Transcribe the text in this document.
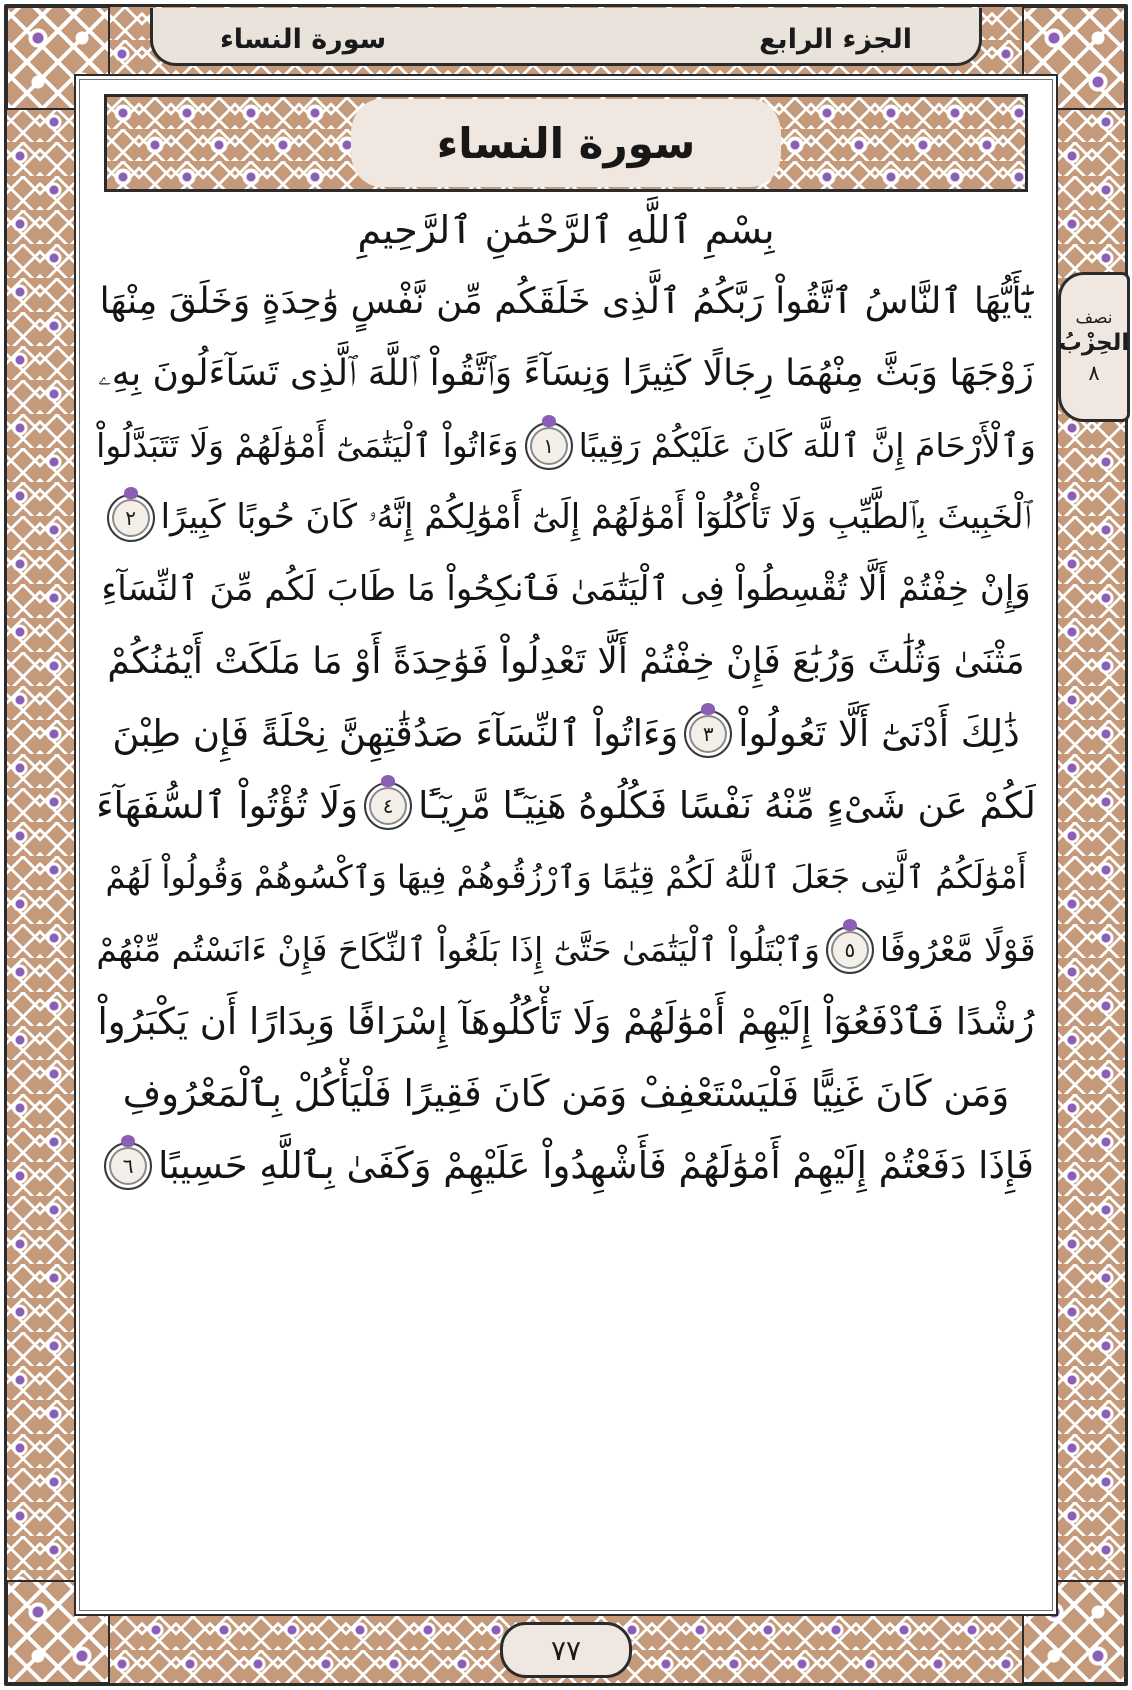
سورة النساء	الجزء الرابع
سورة النساء
نصف
الحِزْبُ
٨
بِسْمِ ٱللَّهِ ٱلرَّحْمَٰنِ ٱلرَّحِيمِ
يَٰٓأَيُّهَا ٱلنَّاسُ ٱتَّقُواْ رَبَّكُمُ ٱلَّذِى خَلَقَكُم مِّن نَّفْسٍ وَٰحِدَةٍ وَخَلَقَ مِنْهَا
زَوْجَهَا وَبَثَّ مِنْهُمَا رِجَالًا كَثِيرًا وَنِسَآءً وَٱتَّقُواْ ٱللَّهَ ٱلَّذِى تَسَآءَلُونَ بِهِۦ
وَٱلْأَرْحَامَ إِنَّ ٱللَّهَ كَانَ عَلَيْكُمْ رَقِيبًا
١
وَءَاتُواْ ٱلْيَتَٰمَىٰٓ أَمْوَٰلَهُمْ وَلَا تَتَبَدَّلُواْ
ٱلْخَبِيثَ بِٱلطَّيِّبِ وَلَا تَأْكُلُوٓاْ أَمْوَٰلَهُمْ إِلَىٰٓ أَمْوَٰلِكُمْ إِنَّهُۥ كَانَ حُوبًا كَبِيرًا
٢
وَإِنْ خِفْتُمْ أَلَّا تُقْسِطُواْ فِى ٱلْيَتَٰمَىٰ فَٱنكِحُواْ مَا طَابَ لَكُم مِّنَ ٱلنِّسَآءِ
مَثْنَىٰ وَثُلَٰثَ وَرُبَٰعَ فَإِنْ خِفْتُمْ أَلَّا تَعْدِلُواْ فَوَٰحِدَةً أَوْ مَا مَلَكَتْ أَيْمَٰنُكُمْ
ذَٰلِكَ أَدْنَىٰٓ أَلَّا تَعُولُواْ
٣
وَءَاتُواْ ٱلنِّسَآءَ صَدُقَٰتِهِنَّ نِحْلَةً فَإِن طِبْنَ
لَكُمْ عَن شَىْءٍ مِّنْهُ نَفْسًا فَكُلُوهُ هَنِيٓـًٔا مَّرِيٓـًٔا
٤
وَلَا تُؤْتُواْ ٱلسُّفَهَآءَ
أَمْوَٰلَكُمُ ٱلَّتِى جَعَلَ ٱللَّهُ لَكُمْ قِيَٰمًا وَٱرْزُقُوهُمْ فِيهَا وَٱكْسُوهُمْ وَقُولُواْ لَهُمْ
قَوْلًا مَّعْرُوفًا
٥
وَٱبْتَلُواْ ٱلْيَتَٰمَىٰ حَتَّىٰٓ إِذَا بَلَغُواْ ٱلنِّكَاحَ فَإِنْ ءَانَسْتُم مِّنْهُمْ
رُشْدًا فَٱدْفَعُوٓاْ إِلَيْهِمْ أَمْوَٰلَهُمْ وَلَا تَأْكُلُوهَآ إِسْرَافًا وَبِدَارًا أَن يَكْبَرُواْ
وَمَن كَانَ غَنِيًّا فَلْيَسْتَعْفِفْ وَمَن كَانَ فَقِيرًا فَلْيَأْكُلْ بِٱلْمَعْرُوفِ
فَإِذَا دَفَعْتُمْ إِلَيْهِمْ أَمْوَٰلَهُمْ فَأَشْهِدُواْ عَلَيْهِمْ وَكَفَىٰ بِٱللَّهِ حَسِيبًا
٦
٧٧
